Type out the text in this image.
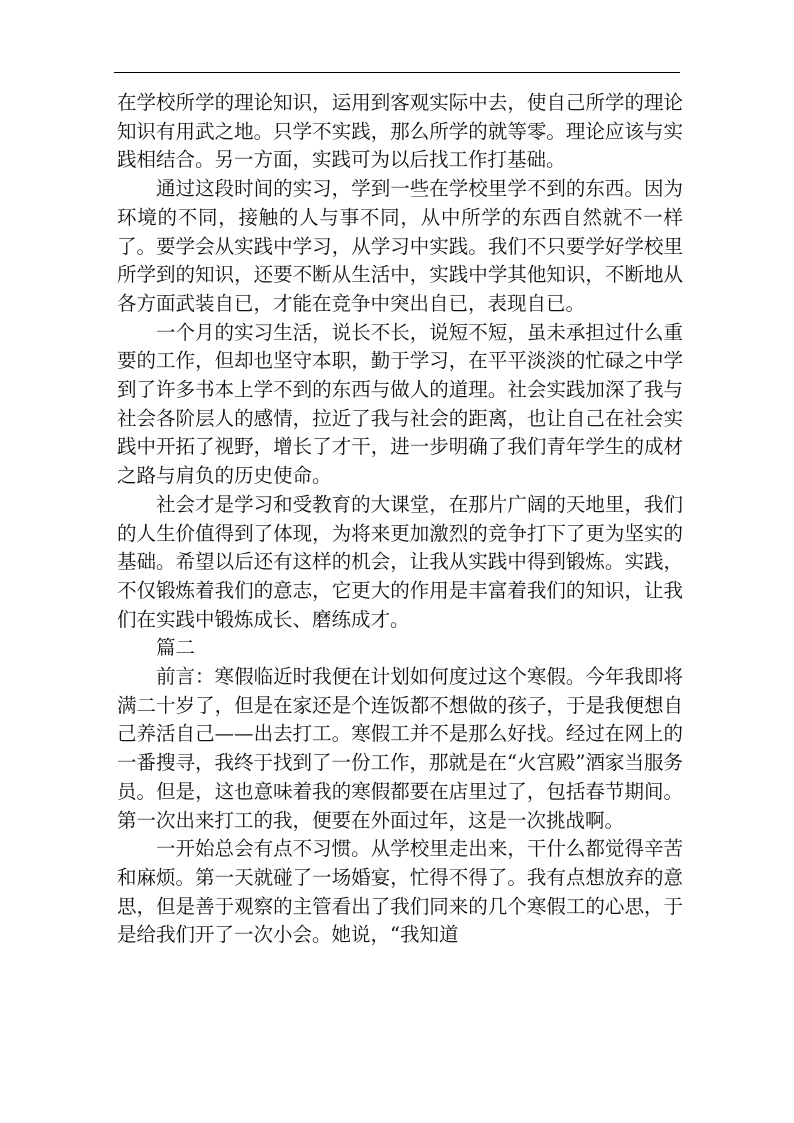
在学校所学的理论知识，运用到客观实际中去，使自己所学的理论知识有用武之地。只学不实践，那么所学的就等零。理论应该与实践相结合。另一方面，实践可为以后找工作打基础。

通过这段时间的实习，学到一些在学校里学不到的东西。因为环境的不同，接触的人与事不同，从中所学的东西自然就不一样了。要学会从实践中学习，从学习中实践。我们不只要学好学校里所学到的知识，还要不断从生活中，实践中学其他知识，不断地从各方面武装自已，才能在竞争中突出自已，表现自已。

一个月的实习生活，说长不长，说短不短，虽未承担过什么重要的工作，但却也坚守本职，勤于学习，在平平淡淡的忙碌之中学到了许多书本上学不到的东西与做人的道理。社会实践加深了我与社会各阶层人的感情，拉近了我与社会的距离，也让自己在社会实践中开拓了视野，增长了才干，进一步明确了我们青年学生的成材之路与肩负的历史使命。

社会才是学习和受教育的大课堂，在那片广阔的天地里，我们的人生价值得到了体现，为将来更加激烈的竞争打下了更为坚实的基础。希望以后还有这样的机会，让我从实践中得到锻炼。实践，不仅锻炼着我们的意志，它更大的作用是丰富着我们的知识，让我们在实践中锻炼成长、磨练成才。

篇二

前言：寒假临近时我便在计划如何度过这个寒假。今年我即将满二十岁了，但是在家还是个连饭都不想做的孩子，于是我便想自己养活自己——出去打工。寒假工并不是那么好找。经过在网上的一番搜寻，我终于找到了一份工作，那就是在“火宫殿”酒家当服务员。但是，这也意味着我的寒假都要在店里过了，包括春节期间。第一次出来打工的我，便要在外面过年，这是一次挑战啊。

一开始总会有点不习惯。从学校里走出来，干什么都觉得辛苦和麻烦。第一天就碰了一场婚宴，忙得不得了。我有点想放弃的意思，但是善于观察的主管看出了我们同来的几个寒假工的心思，于是给我们开了一次小会。她说，“我知道
